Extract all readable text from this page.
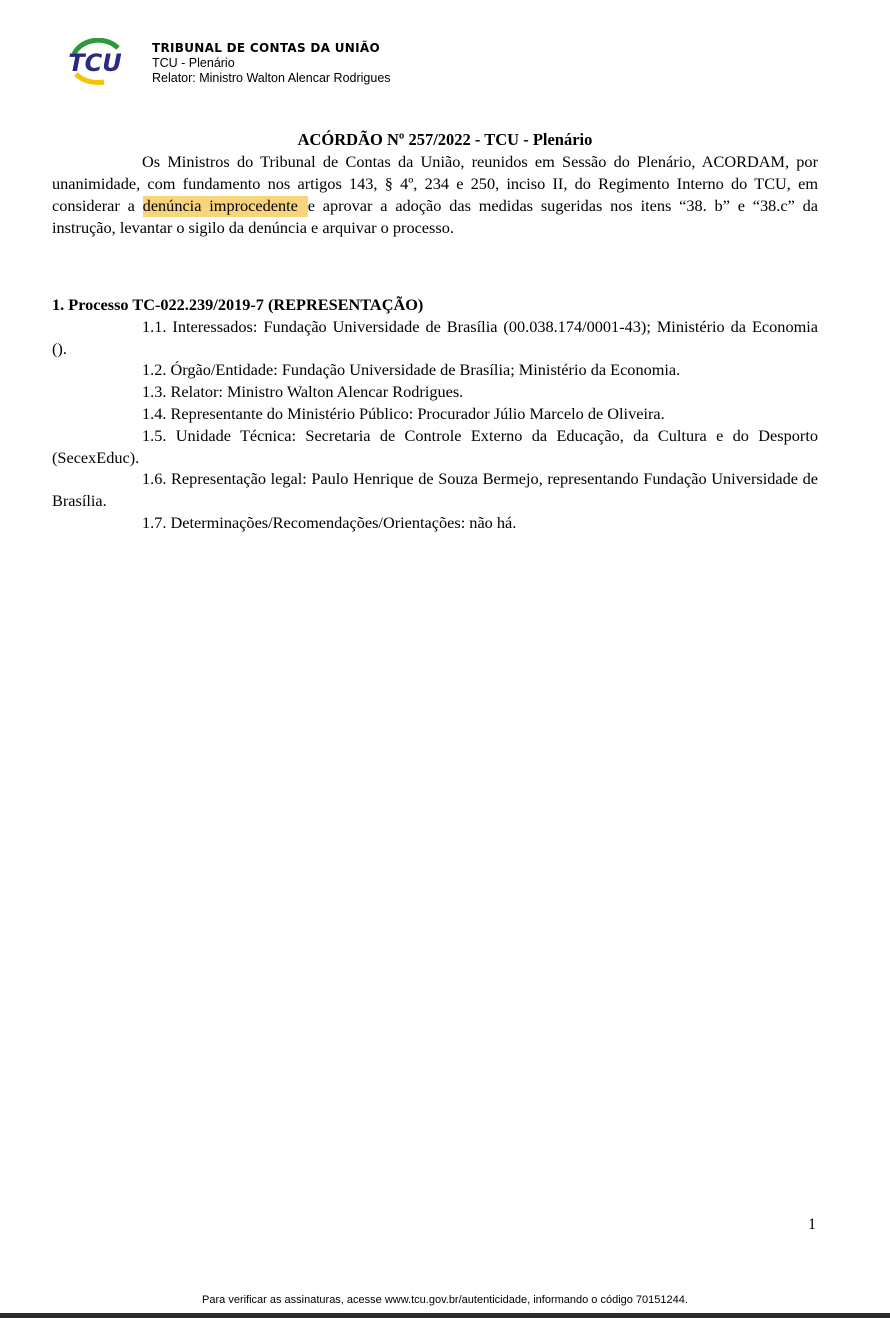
TCU
TRIBUNAL DE CONTAS DA UNIÃO
TCU - Plenário
Relator: Ministro Walton Alencar Rodrigues
ACÓRDÃO Nº 257/2022 - TCU - Plenário

Os Ministros do Tribunal de Contas da União, reunidos em Sessão do Plenário, ACORDAM, por unanimidade, com fundamento nos artigos 143, § 4º, 234 e 250, inciso II, do Regimento Interno do TCU, em considerar a denúncia improcedente e aprovar a adoção das medidas sugeridas nos itens “38. b” e “38.c” da instrução, levantar o sigilo da denúncia e arquivar o processo.

1. Processo TC-022.239/2019-7 (REPRESENTAÇÃO)

1.1. Interessados: Fundação Universidade de Brasília (00.038.174/0001-43); Ministério da Economia ().

1.2. Órgão/Entidade: Fundação Universidade de Brasília; Ministério da Economia.

1.3. Relator: Ministro Walton Alencar Rodrigues.

1.4. Representante do Ministério Público: Procurador Júlio Marcelo de Oliveira.

1.5. Unidade Técnica: Secretaria de Controle Externo da Educação, da Cultura e do Desporto (SecexEduc).

1.6. Representação legal: Paulo Henrique de Souza Bermejo, representando Fundação Universidade de Brasília.

1.7. Determinações/Recomendações/Orientações: não há.

1
Para verificar as assinaturas, acesse www.tcu.gov.br/autenticidade, informando o código 70151244.
